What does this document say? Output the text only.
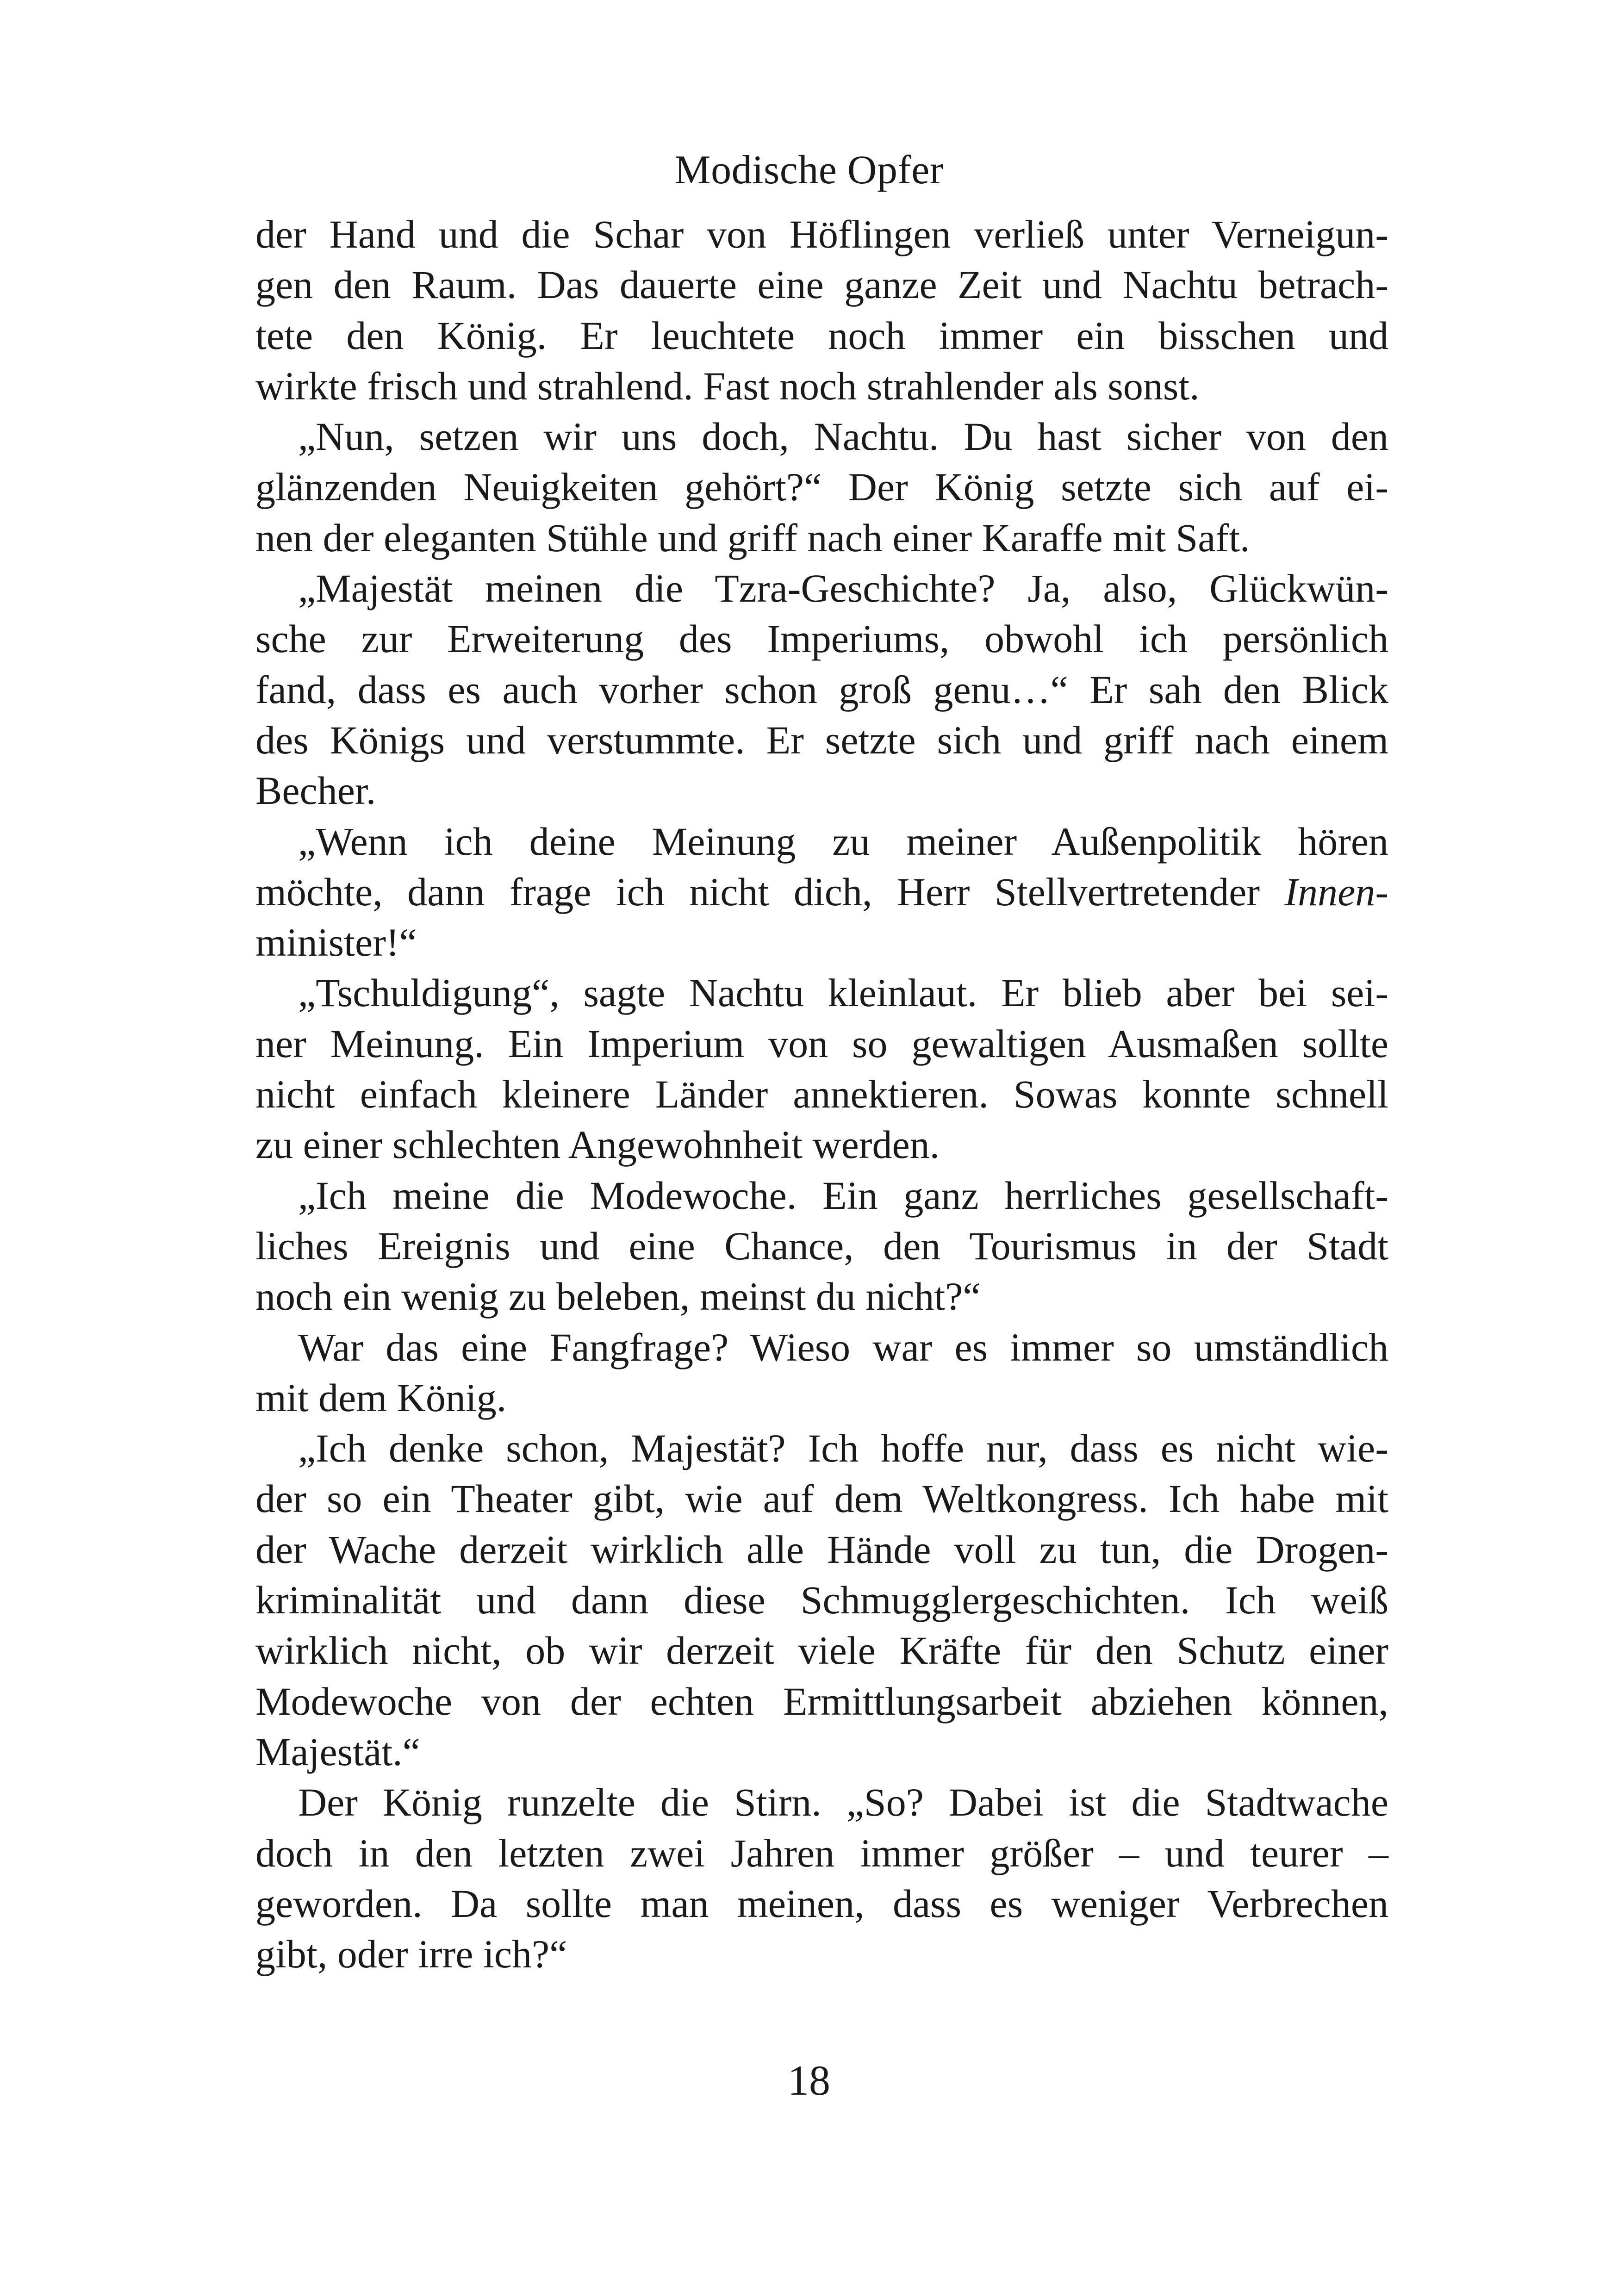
Modische Opfer
der Hand und die Schar von Höflingen verließ unter Verneigun-
gen den Raum. Das dauerte eine ganze Zeit und Nachtu betrach-
tete den König. Er leuchtete noch immer ein bisschen und
wirkte frisch und strahlend. Fast noch strahlender als sonst.
„Nun, setzen wir uns doch, Nachtu. Du hast sicher von den
glänzenden Neuigkeiten gehört?“ Der König setzte sich auf ei-
nen der eleganten Stühle und griff nach einer Karaffe mit Saft.
„Majestät meinen die Tzra-Geschichte? Ja, also, Glückwün-
sche zur Erweiterung des Imperiums, obwohl ich persönlich
fand, dass es auch vorher schon groß genu…“ Er sah den Blick
des Königs und verstummte. Er setzte sich und griff nach einem
Becher.
„Wenn ich deine Meinung zu meiner Außenpolitik hören
möchte, dann frage ich nicht dich, Herr Stellvertretender Innen-
minister!“
„Tschuldigung“, sagte Nachtu kleinlaut. Er blieb aber bei sei-
ner Meinung. Ein Imperium von so gewaltigen Ausmaßen sollte
nicht einfach kleinere Länder annektieren. Sowas konnte schnell
zu einer schlechten Angewohnheit werden.
„Ich meine die Modewoche. Ein ganz herrliches gesellschaft-
liches Ereignis und eine Chance, den Tourismus in der Stadt
noch ein wenig zu beleben, meinst du nicht?“
War das eine Fangfrage? Wieso war es immer so umständlich
mit dem König.
„Ich denke schon, Majestät? Ich hoffe nur, dass es nicht wie-
der so ein Theater gibt, wie auf dem Weltkongress. Ich habe mit
der Wache derzeit wirklich alle Hände voll zu tun, die Drogen-
kriminalität und dann diese Schmugglergeschichten. Ich weiß
wirklich nicht, ob wir derzeit viele Kräfte für den Schutz einer
Modewoche von der echten Ermittlungsarbeit abziehen können,
Majestät.“
Der König runzelte die Stirn. „So? Dabei ist die Stadtwache
doch in den letzten zwei Jahren immer größer – und teurer –
geworden. Da sollte man meinen, dass es weniger Verbrechen
gibt, oder irre ich?“
18
